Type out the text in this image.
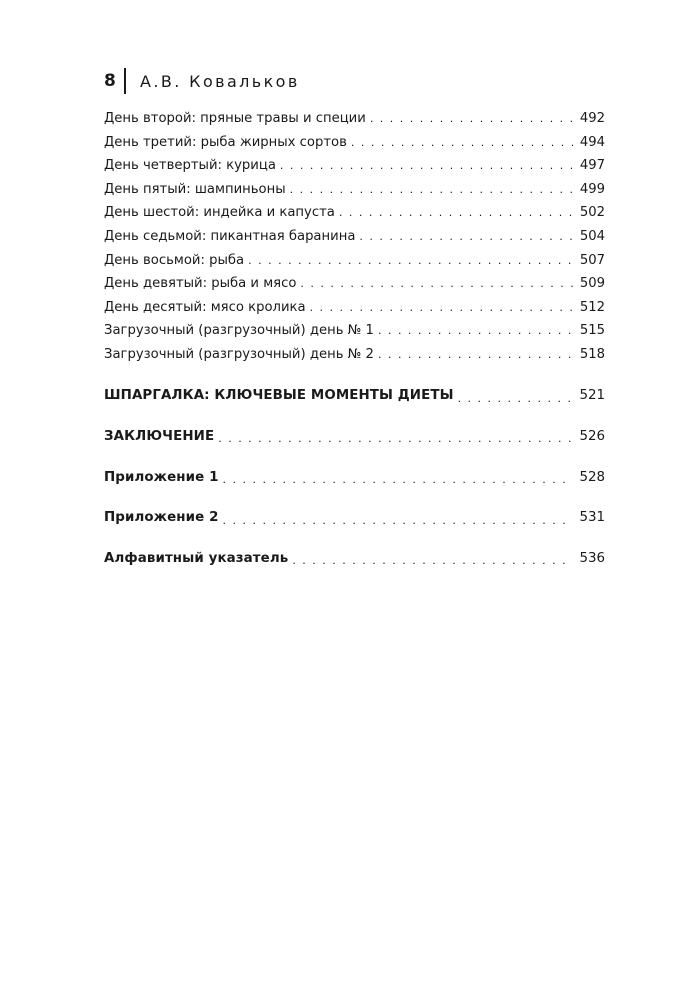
8	А.В. Ковальков
День второй: пряные травы и специи . . .	492
День третий: рыба жирных сортов . . .	494
День четвертый: курица . . .	497
День пятый: шампиньоны . . .	499
День шестой: индейка и капуста . . .	502
День седьмой: пикантная баранина . . .	504
День восьмой: рыба . . .	507
День девятый: рыба и мясо . . .	509
День десятый: мясо кролика . . .	512
Загрузочный (разгрузочный) день № 1 . . .	515
Загрузочный (разгрузочный) день № 2 . . .	518
ШПАРГАЛКА: КЛЮЧЕВЫЕ МОМЕНТЫ ДИЕТЫ . . .	521
ЗАКЛЮЧЕНИЕ . . .	526
Приложение 1 . . .	528
Приложение 2 . . .	531
Алфавитный указатель . . .	536
